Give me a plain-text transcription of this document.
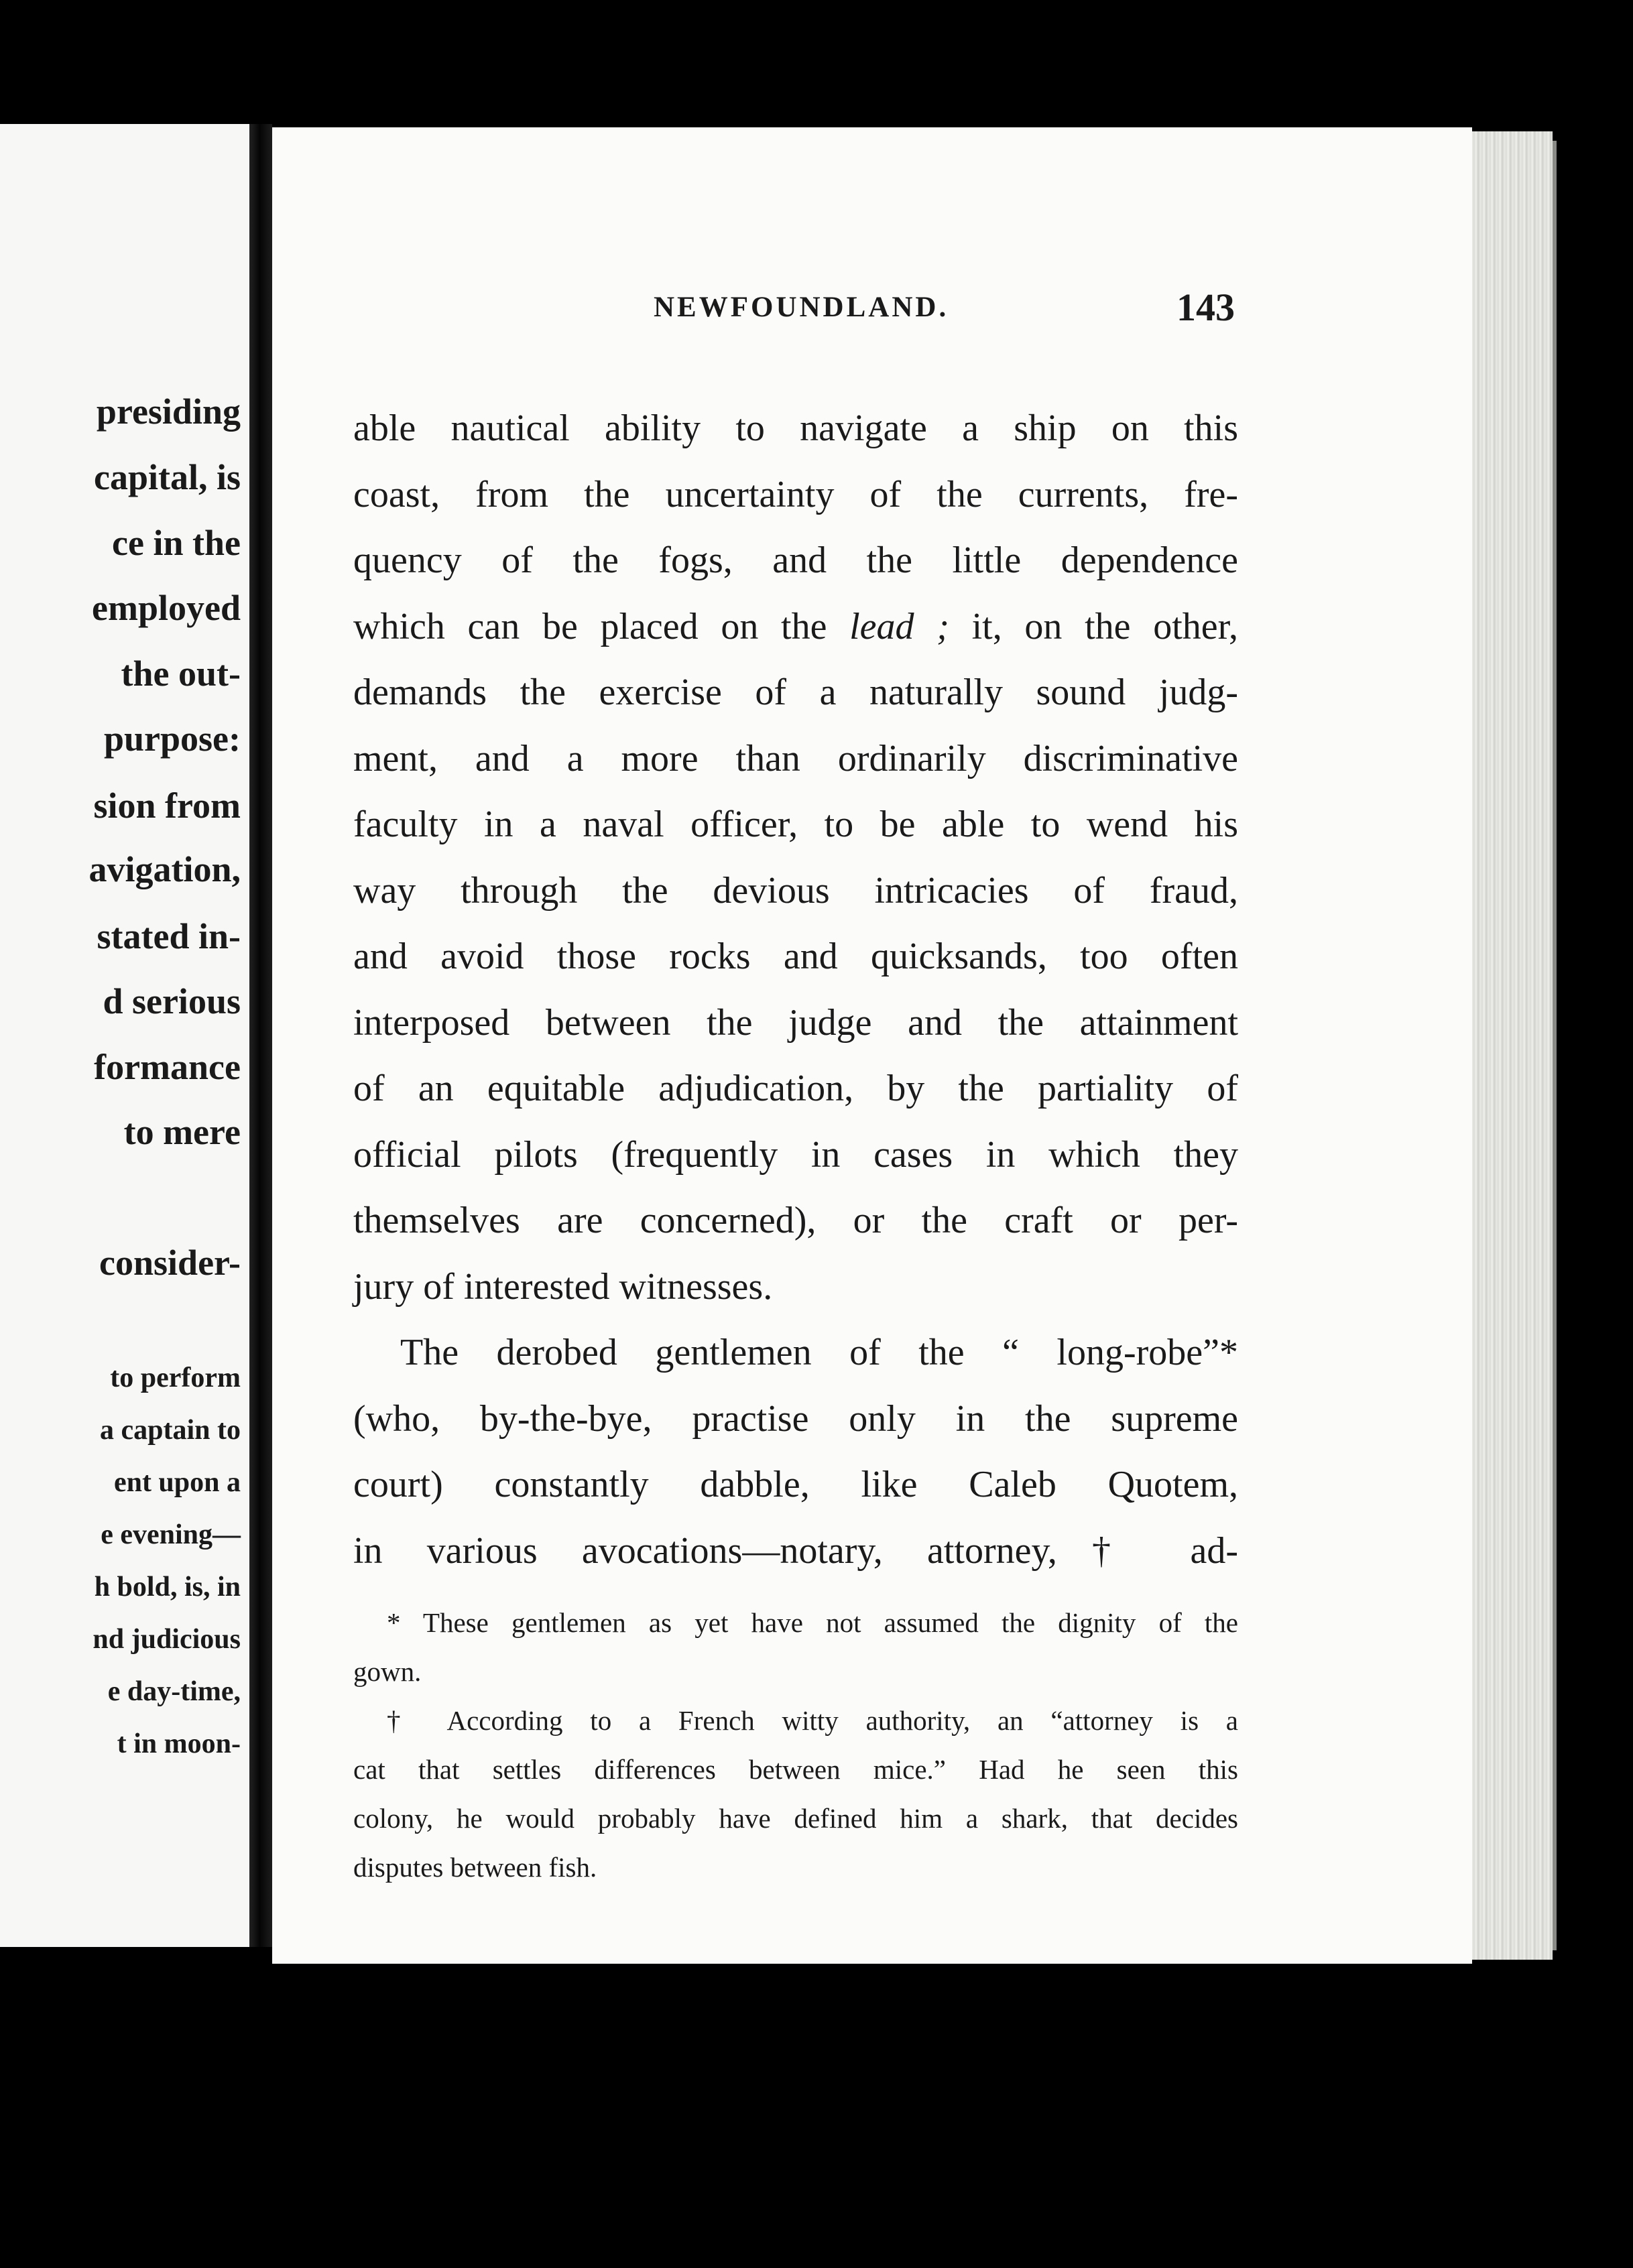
presiding
capital, is
ce in the
employed
the out-
purpose:
sion from
avigation,
stated in-
d serious
formance
to mere
consider-
to perform
a captain to
ent upon a
e evening—
h bold, is, in
nd judicious
e day-time,
t in moon-
NEWFOUNDLAND.	143
able nautical ability to navigate a ship on this
coast, from the uncertainty of the currents, fre-
quency of the fogs, and the little dependence
which can be placed on the lead ; it, on the other,
demands the exercise of a naturally sound judg-
ment, and a more than ordinarily discriminative
faculty in a naval officer, to be able to wend his
way through the devious intricacies of fraud,
and avoid those rocks and quicksands, too often
interposed between the judge and the attainment
of an equitable adjudication, by the partiality of
official pilots (frequently in cases in which they
themselves are concerned), or the craft or per-
jury of interested witnesses.
The derobed gentlemen of the “ long-robe”*
(who, by-the-bye, practise only in the supreme
court) constantly dabble, like Caleb Quotem,
in various avocations—notary, attorney,† ad-
* These gentlemen as yet have not assumed the dignity of the
gown.
† According to a French witty authority, an “attorney is a
cat that settles differences between mice.” Had he seen this
colony, he would probably have defined him a shark, that decides
disputes between fish.
